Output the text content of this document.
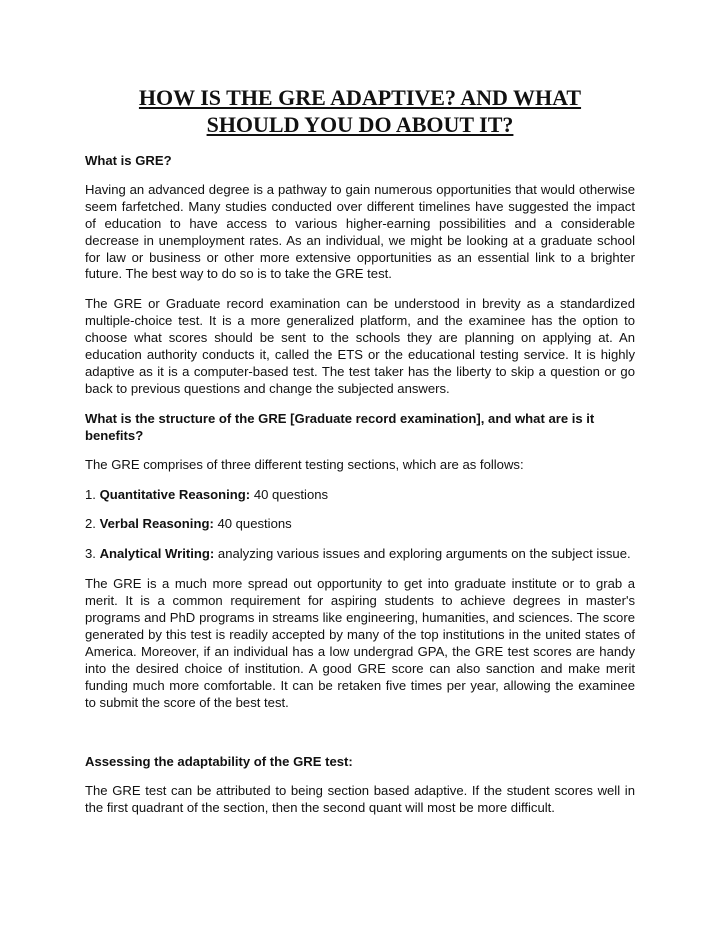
HOW IS THE GRE ADAPTIVE? AND WHAT
SHOULD YOU DO ABOUT IT?
What is GRE?

Having an advanced degree is a pathway to gain numerous opportunities that would otherwise seem farfetched. Many studies conducted over different timelines have suggested the impact of education to have access to various higher-earning possibilities and a considerable decrease in unemployment rates. As an individual, we might be looking at a graduate school for law or business or other more extensive opportunities as an essential link to a brighter future. The best way to do so is to take the GRE test.

The GRE or Graduate record examination can be understood in brevity as a standardized multiple-choice test. It is a more generalized platform, and the examinee has the option to choose what scores should be sent to the schools they are planning on applying at. An education authority conducts it, called the ETS or the educational testing service. It is highly adaptive as it is a computer-based test. The test taker has the liberty to skip a question or go back to previous questions and change the subjected answers.

What is the structure of the GRE [Graduate record examination], and what are is it benefits?

The GRE comprises of three different testing sections, which are as follows:

1. Quantitative Reasoning: 40 questions
2. Verbal Reasoning: 40 questions
3. Analytical Writing: analyzing various issues and exploring arguments on the subject issue.

The GRE is a much more spread out opportunity to get into graduate institute or to grab a merit. It is a common requirement for aspiring students to achieve degrees in master's programs and PhD programs in streams like engineering, humanities, and sciences. The score generated by this test is readily accepted by many of the top institutions in the united states of America. Moreover, if an individual has a low undergrad GPA, the GRE test scores are handy into the desired choice of institution. A good GRE score can also sanction and make merit funding much more comfortable. It can be retaken five times per year, allowing the examinee to submit the score of the best test.

Assessing the adaptability of the GRE test:

The GRE test can be attributed to being section based adaptive. If the student scores well in the first quadrant of the section, then the second quant will most be more difficult.
